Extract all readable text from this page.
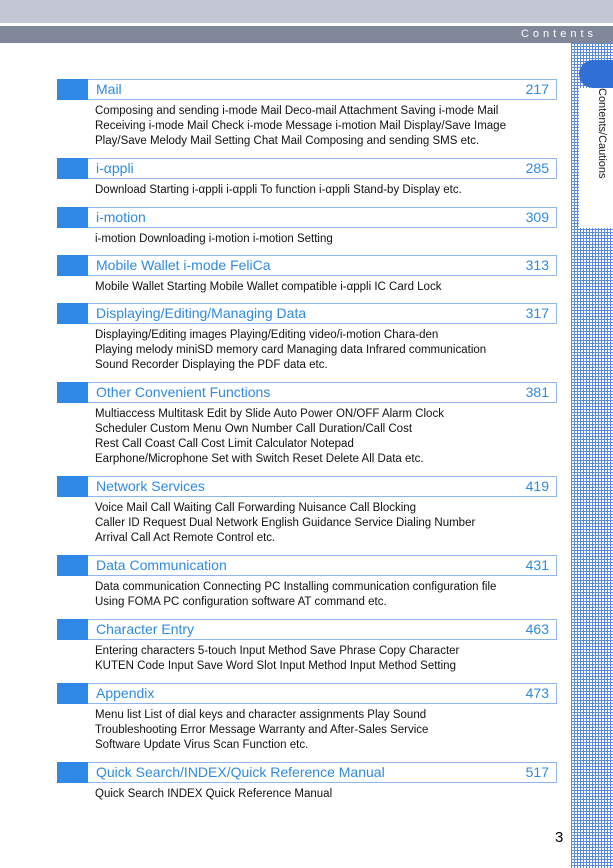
Contents
Contents/Cautions
Mail	217
Composing and sending i-mode Mail Deco-mail Attachment Saving i-mode Mail
Receiving i-mode Mail Check i-mode Message i-motion Mail Display/Save Image
Play/Save Melody Mail Setting Chat Mail Composing and sending SMS etc.
i-αppli	285
Download Starting i-αppli i-αppli To function i-αppli Stand-by Display etc.
i-motion	309
i-motion Downloading i-motion i-motion Setting
Mobile Wallet i-mode FeliCa	313
Mobile Wallet Starting Mobile Wallet compatible i-αppli IC Card Lock
Displaying/Editing/Managing Data	317
Displaying/Editing images Playing/Editing video/i-motion Chara-den
Playing melody miniSD memory card Managing data Infrared communication
Sound Recorder Displaying the PDF data etc.
Other Convenient Functions	381
Multiaccess Multitask Edit by Slide Auto Power ON/OFF Alarm Clock
Scheduler Custom Menu Own Number Call Duration/Call Cost
Rest Call Coast Call Cost Limit Calculator Notepad
Earphone/Microphone Set with Switch Reset Delete All Data etc.
Network Services	419
Voice Mail Call Waiting Call Forwarding Nuisance Call Blocking
Caller ID Request Dual Network English Guidance Service Dialing Number
Arrival Call Act Remote Control etc.
Data Communication	431
Data communication Connecting PC Installing communication configuration file
Using FOMA PC configuration software AT command etc.
Character Entry	463
Entering characters 5-touch Input Method Save Phrase Copy Character
KUTEN Code Input Save Word Slot Input Method Input Method Setting
Appendix	473
Menu list List of dial keys and character assignments Play Sound
Troubleshooting Error Message Warranty and After-Sales Service
Software Update Virus Scan Function etc.
Quick Search/INDEX/Quick Reference Manual	517
Quick Search INDEX Quick Reference Manual
3
